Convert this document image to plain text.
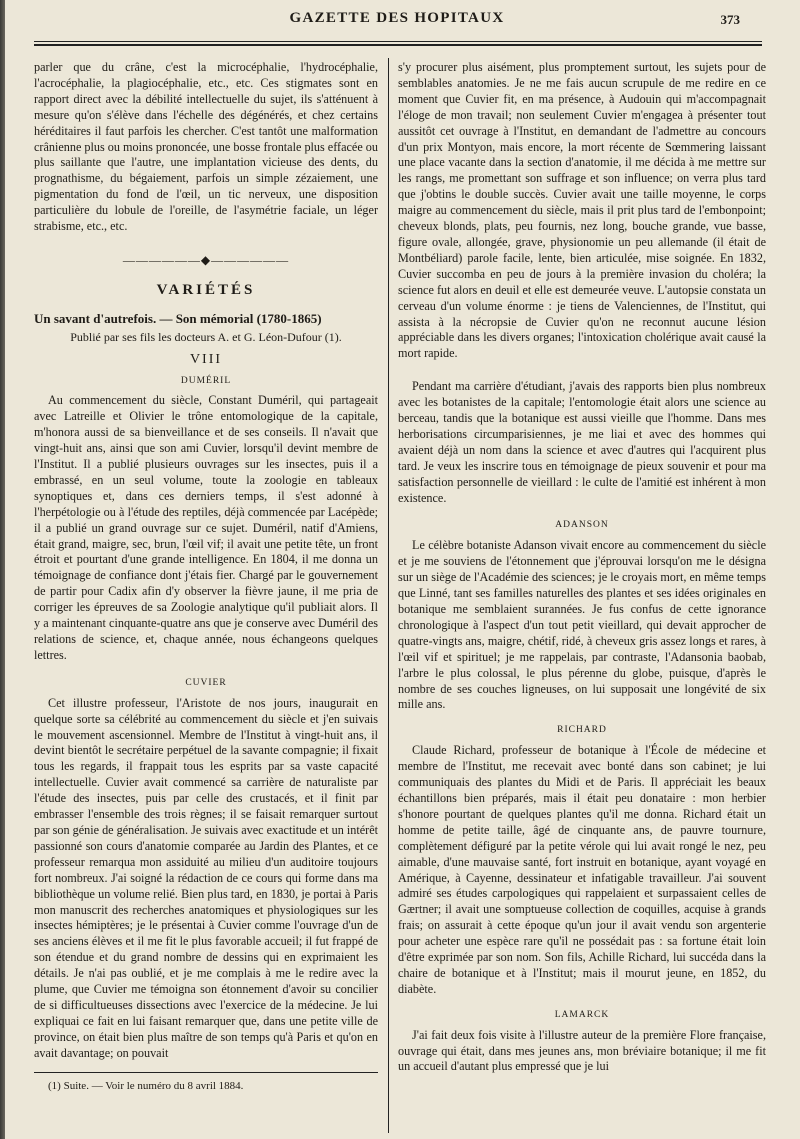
GAZETTE DES HOPITAUX	373

parler que du crâne, c'est la microcéphalie, l'hydrocéphalie, l'acrocéphalie, la plagiocéphalie, etc., etc. Ces stigmates sont en rapport direct avec la débilité intellectuelle du sujet, ils s'atténuent à mesure qu'on s'élève dans l'échelle des dégénérés, et chez certains héréditaires il faut parfois les chercher. C'est tantôt une malformation crânienne plus ou moins prononcée, une bosse frontale plus effacée ou plus saillante que l'autre, une implantation vicieuse des dents, du prognathisme, du bégaiement, parfois un simple zézaiement, une pigmentation du fond de l'œil, un tic nerveux, une disposition particulière du lobule de l'oreille, de l'asymétrie faciale, un léger strabisme, etc., etc.

——————◆——————
VARIÉTÉS
Un savant d'autrefois. — Son mémorial (1780-1865)
Publié par ses fils les docteurs A. et G. Léon-Dufour (1).
VIII
DUMÉRIL

Au commencement du siècle, Constant Duméril, qui partageait avec Latreille et Olivier le trône entomologique de la capitale, m'honora aussi de sa bienveillance et de ses conseils. Il n'avait que vingt-huit ans, ainsi que son ami Cuvier, lorsqu'il devint membre de l'Institut. Il a publié plusieurs ouvrages sur les insectes, puis il a embrassé, en un seul volume, toute la zoologie en tableaux synoptiques et, dans ces derniers temps, il s'est adonné à l'herpétologie ou à l'étude des reptiles, déjà commencée par Lacépède; il a publié un grand ouvrage sur ce sujet. Duméril, natif d'Amiens, était grand, maigre, sec, brun, l'œil vif; il avait une petite tête, un front étroit et pourtant d'une grande intelligence. En 1804, il me donna un témoignage de confiance dont j'étais fier. Chargé par le gouvernement de partir pour Cadix afin d'y observer la fièvre jaune, il me pria de corriger les épreuves de sa Zoologie analytique qu'il publiait alors. Il y a maintenant cinquante-quatre ans que je conserve avec Duméril des relations de science, et, chaque année, nous échangeons quelques lettres.

CUVIER

Cet illustre professeur, l'Aristote de nos jours, inaugurait en quelque sorte sa célébrité au commencement du siècle et j'en suivais le mouvement ascensionnel. Membre de l'Institut à vingt-huit ans, il devint bientôt le secrétaire perpétuel de la savante compagnie; il fixait tous les regards, il frappait tous les esprits par sa vaste capacité intellectuelle. Cuvier avait commencé sa carrière de naturaliste par l'étude des insectes, puis par celle des crustacés, et il finit par embrasser l'ensemble des trois règnes; il se faisait remarquer surtout par son génie de généralisation. Je suivais avec exactitude et un intérêt passionné son cours d'anatomie comparée au Jardin des Plantes, et ce professeur remarqua mon assiduité au milieu d'un auditoire toujours fort nombreux. J'ai soigné la rédaction de ce cours qui forme dans ma bibliothèque un volume relié. Bien plus tard, en 1830, je portai à Paris mon manuscrit des recherches anatomiques et physiologiques sur les insectes hémiptères; je le présentai à Cuvier comme l'ouvrage d'un de ses anciens élèves et il me fit le plus favorable accueil; il fut frappé de son étendue et du grand nombre de dessins qui en exprimaient les détails. Je n'ai pas oublié, et je me complais à me le redire avec la plume, que Cuvier me témoigna son étonnement d'avoir su concilier de si difficultueuses dissections avec l'exercice de la médecine. Je lui expliquai ce fait en lui faisant remarquer que, dans une petite ville de province, on était bien plus maître de son temps qu'à Paris et qu'on en avait davantage; on pouvait

(1) Suite. — Voir le numéro du 8 avril 1884.

s'y procurer plus aisément, plus promptement surtout, les sujets pour de semblables anatomies. Je ne me fais aucun scrupule de me redire en ce moment que Cuvier fit, en ma présence, à Audouin qui m'accompagnait l'éloge de mon travail; non seulement Cuvier m'engagea à présenter tout aussitôt cet ouvrage à l'Institut, en demandant de l'admettre au concours d'un prix Montyon, mais encore, la mort récente de Sœmmering laissant une place vacante dans la section d'anatomie, il me décida à me mettre sur les rangs, me promettant son suffrage et son influence; on verra plus tard que j'obtins le double succès. Cuvier avait une taille moyenne, le corps maigre au commencement du siècle, mais il prit plus tard de l'embonpoint; cheveux blonds, plats, peu fournis, nez long, bouche grande, vue basse, figure ovale, allongée, grave, physionomie un peu allemande (il était de Montbéliard) parole facile, lente, bien articulée, mise soignée. En 1832, Cuvier succomba en peu de jours à la première invasion du choléra; la science fut alors en deuil et elle est demeurée veuve. L'autopsie constata un cerveau d'un volume énorme : je tiens de Valenciennes, de l'Institut, qui assista à la nécropsie de Cuvier qu'on ne reconnut aucune lésion appréciable dans les divers organes; l'intoxication cholérique avait causé la mort rapide.

Pendant ma carrière d'étudiant, j'avais des rapports bien plus nombreux avec les botanistes de la capitale; l'entomologie était alors une science au berceau, tandis que la botanique est aussi vieille que l'homme. Dans mes herborisations circumparisiennes, je me liai et avec des hommes qui avaient déjà un nom dans la science et avec d'autres qui l'acquirent plus tard. Je veux les inscrire tous en témoignage de pieux souvenir et pour ma satisfaction personnelle de vieillard : le culte de l'amitié est inhérent à mon existence.

ADANSON

Le célèbre botaniste Adanson vivait encore au commencement du siècle et je me souviens de l'étonnement que j'éprouvai lorsqu'on me le désigna sur un siège de l'Académie des sciences; je le croyais mort, en même temps que Linné, tant ses familles naturelles des plantes et ses idées originales en botanique me semblaient surannées. Je fus confus de cette ignorance chronologique à l'aspect d'un tout petit vieillard, qui devait approcher de quatre-vingts ans, maigre, chétif, ridé, à cheveux gris assez longs et rares, à l'œil vif et spirituel; je me rappelais, par contraste, l'Adansonia baobab, l'arbre le plus colossal, le plus pérenne du globe, puisque, d'après le nombre de ses couches ligneuses, on lui supposait une longévité de six mille ans.

RICHARD

Claude Richard, professeur de botanique à l'École de médecine et membre de l'Institut, me recevait avec bonté dans son cabinet; je lui communiquais des plantes du Midi et de Paris. Il appréciait les beaux échantillons bien préparés, mais il était peu donataire : mon herbier s'honore pourtant de quelques plantes qu'il me donna. Richard était un homme de petite taille, âgé de cinquante ans, de pauvre tournure, complètement défiguré par la petite vérole qui lui avait rongé le nez, peu aimable, d'une mauvaise santé, fort instruit en botanique, ayant voyagé en Amérique, à Cayenne, dessinateur et infatigable travailleur. J'ai souvent admiré ses études carpologiques qui rappelaient et surpassaient celles de Gærtner; il avait une somptueuse collection de coquilles, acquise à grands frais; on assurait à cette époque qu'un jour il avait vendu son argenterie pour acheter une espèce rare qu'il ne possédait pas : sa fortune était loin d'être exprimée par son nom. Son fils, Achille Richard, lui succéda dans la chaire de botanique et à l'Institut; mais il mourut jeune, en 1852, du diabète.

LAMARCK

J'ai fait deux fois visite à l'illustre auteur de la première Flore française, ouvrage qui était, dans mes jeunes ans, mon bréviaire botanique; il me fit un accueil d'autant plus empressé que je lui
